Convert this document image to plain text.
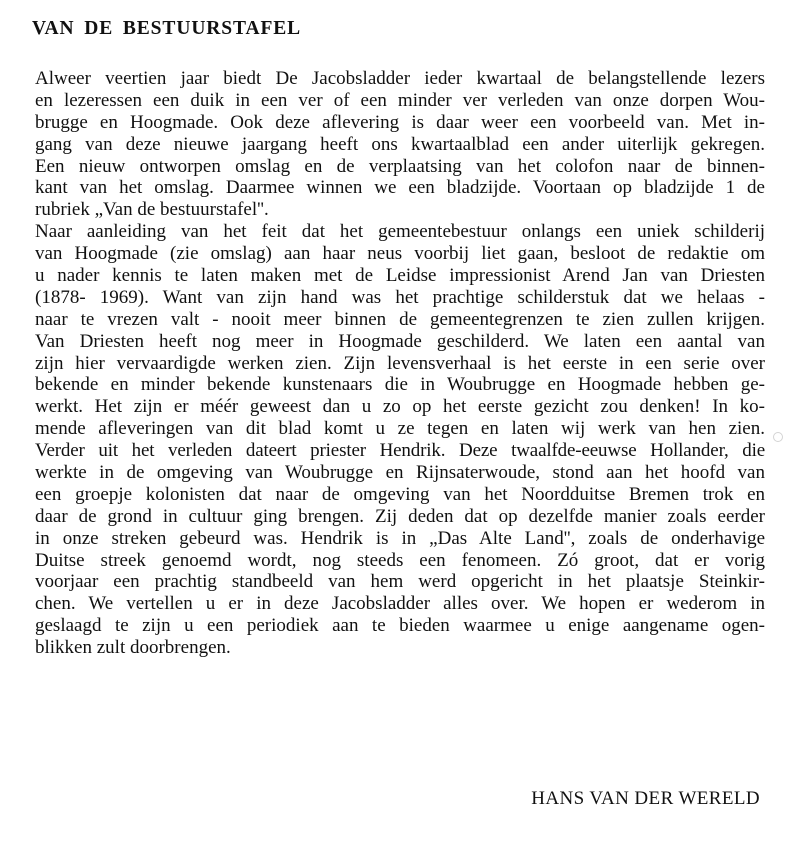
VAN DE BESTUURSTAFEL
Alweer veertien jaar biedt De Jacobsladder ieder kwartaal de belangstellende lezers
en lezeressen een duik in een ver of een minder ver verleden van onze dorpen Wou-
brugge en Hoogmade. Ook deze aflevering is daar weer een voorbeeld van. Met in-
gang van deze nieuwe jaargang heeft ons kwartaalblad een ander uiterlijk gekregen.
Een nieuw ontworpen omslag en de verplaatsing van het colofon naar de binnen-
kant van het omslag. Daarmee winnen we een bladzijde. Voortaan op bladzijde 1 de
rubriek „Van de bestuurstafel''.
Naar aanleiding van het feit dat het gemeentebestuur onlangs een uniek schilderij
van Hoogmade (zie omslag) aan haar neus voorbij liet gaan, besloot de redaktie om
u nader kennis te laten maken met de Leidse impressionist Arend Jan van Driesten
(1878- 1969). Want van zijn hand was het prachtige schilderstuk dat we helaas -
naar te vrezen valt - nooit meer binnen de gemeentegrenzen te zien zullen krijgen.
Van Driesten heeft nog meer in Hoogmade geschilderd. We laten een aantal van
zijn hier vervaardigde werken zien. Zijn levensverhaal is het eerste in een serie over
bekende en minder bekende kunstenaars die in Woubrugge en Hoogmade hebben ge-
werkt. Het zijn er méér geweest dan u zo op het eerste gezicht zou denken! In ko-
mende afleveringen van dit blad komt u ze tegen en laten wij werk van hen zien.
Verder uit het verleden dateert priester Hendrik. Deze twaalfde-eeuwse Hollander, die
werkte in de omgeving van Woubrugge en Rijnsaterwoude, stond aan het hoofd van
een groepje kolonisten dat naar de omgeving van het Noordduitse Bremen trok en
daar de grond in cultuur ging brengen. Zij deden dat op dezelfde manier zoals eerder
in onze streken gebeurd was. Hendrik is in „Das Alte Land'', zoals de onderhavige
Duitse streek genoemd wordt, nog steeds een fenomeen. Zó groot, dat er vorig
voorjaar een prachtig standbeeld van hem werd opgericht in het plaatsje Steinkir-
chen. We vertellen u er in deze Jacobsladder alles over. We hopen er wederom in
geslaagd te zijn u een periodiek aan te bieden waarmee u enige aangename ogen-
blikken zult doorbrengen.
HANS VAN DER WERELD
